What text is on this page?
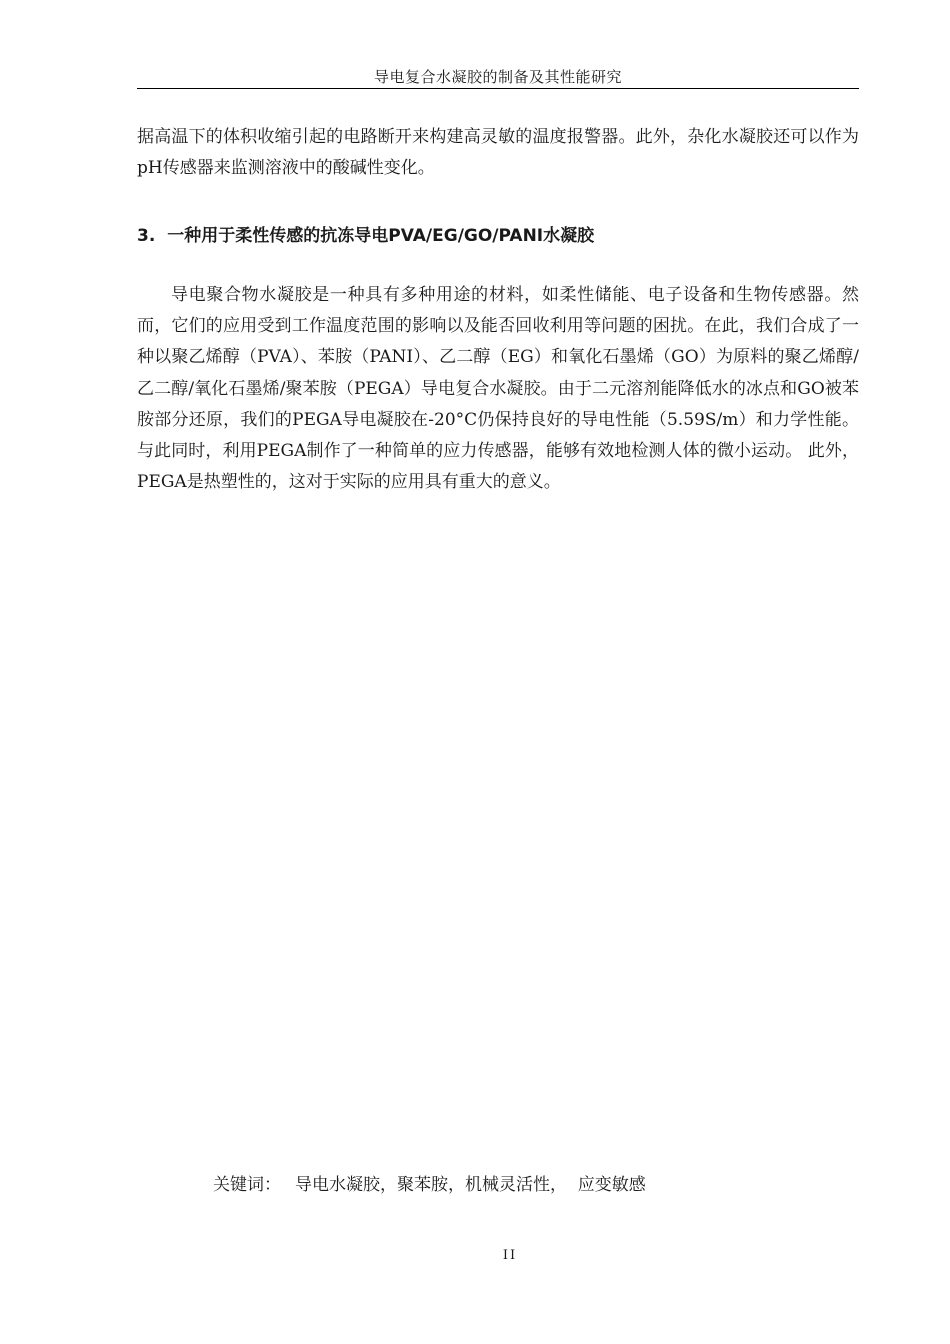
导电复合水凝胶的制备及其性能研究

据高温下的体积收缩引起的电路断开来构建高灵敏的温度报警器。此外，杂化水凝胶还可以作为pH传感器来监测溶液中的酸碱性变化。

3. 一种用于柔性传感的抗冻导电PVA/EG/GO/PANI水凝胶

导电聚合物水凝胶是一种具有多种用途的材料，如柔性储能、电子设备和生物传感器。然而，它们的应用受到工作温度范围的影响以及能否回收利用等问题的困扰。在此，我们合成了一种以聚乙烯醇（PVA）、苯胺（PANI）、乙二醇（EG）和氧化石墨烯（GO）为原料的聚乙烯醇/乙二醇/氧化石墨烯/聚苯胺（PEGA）导电复合水凝胶。由于二元溶剂能降低水的冰点和GO被苯胺部分还原，我们的PEGA导电凝胶在-20°C仍保持良好的导电性能（5.59S/m）和力学性能。与此同时，利用PEGA制作了一种简单的应力传感器，能够有效地检测人体的微小运动。 此外，PEGA是热塑性的，这对于实际的应用具有重大的意义。

关键词： 导电水凝胶，聚苯胺，机械灵活性，  应变敏感
II
